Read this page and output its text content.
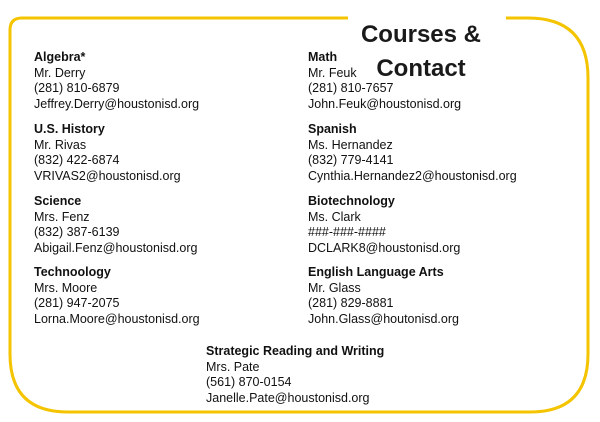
Courses &
Contact
Algebra*
Mr. Derry
(281) 810-6879
Jeffrey.Derry@houstonisd.org
Math
Mr. Feuk
(281) 810-7657
John.Feuk@houstonisd.org
U.S. History
Mr. Rivas
(832) 422-6874
VRIVAS2@houstonisd.org
Spanish
Ms. Hernandez
(832) 779-4141
Cynthia.Hernandez2@houstonisd.org
Science
Mrs. Fenz
(832) 387-6139
Abigail.Fenz@houstonisd.org
Biotechnology
Ms. Clark
###-###-####
DCLARK8@houstonisd.org
Technoology
Mrs. Moore
(281) 947-2075
Lorna.Moore@houstonisd.org
English Language Arts
Mr. Glass
(281) 829-8881
John.Glass@houtonisd.org
Strategic Reading and Writing
Mrs. Pate
(561) 870-0154
Janelle.Pate@houstonisd.org
